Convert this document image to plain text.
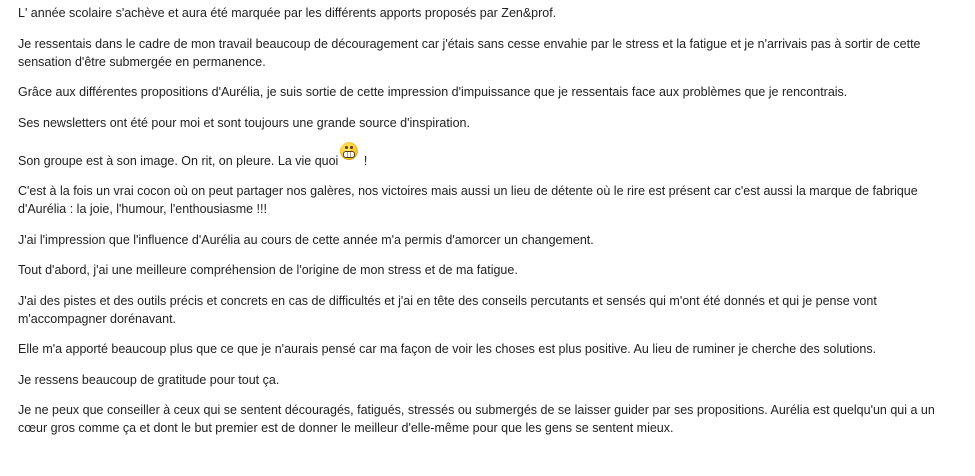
L' année scolaire s'achève et aura été marquée par les différents apports proposés par Zen&prof.

Je ressentais dans le cadre de mon travail beaucoup de découragement car j'étais sans cesse envahie par le stress et la fatigue et je n'arrivais pas à sortir de cette sensation d'être submergée en permanence.

Grâce aux différentes propositions d'Aurélia, je suis sortie de cette impression d'impuissance que je ressentais face aux problèmes que je rencontrais.

Ses newsletters ont été pour moi et sont toujours une grande source d'inspiration.

Son groupe est à son image. On rit, on pleure. La vie quoi
!

C'est à la fois un vrai cocon où on peut partager nos galères, nos victoires mais aussi un lieu de détente où le rire est présent car c'est aussi la marque de fabrique d'Aurélia : la joie, l'humour, l'enthousiasme !!!

J'ai l'impression que l'influence d'Aurélia au cours de cette année m'a permis d'amorcer un changement.

Tout d'abord, j'ai une meilleure compréhension de l'origine de mon stress et de ma fatigue.

J'ai des pistes et des outils précis et concrets en cas de difficultés et j'ai en tête des conseils percutants et sensés qui m'ont été donnés et qui je pense vont m'accompagner dorénavant.

Elle m'a apporté beaucoup plus que ce que je n'aurais pensé car ma façon de voir les choses est plus positive. Au lieu de ruminer je cherche des solutions.

Je ressens beaucoup de gratitude pour tout ça.

Je ne peux que conseiller à ceux qui se sentent découragés, fatigués, stressés ou submergés de se laisser guider par ses propositions. Aurélia est quelqu'un qui a un cœur gros comme ça et dont le but premier est de donner le meilleur d'elle-même pour que les gens se sentent mieux.
